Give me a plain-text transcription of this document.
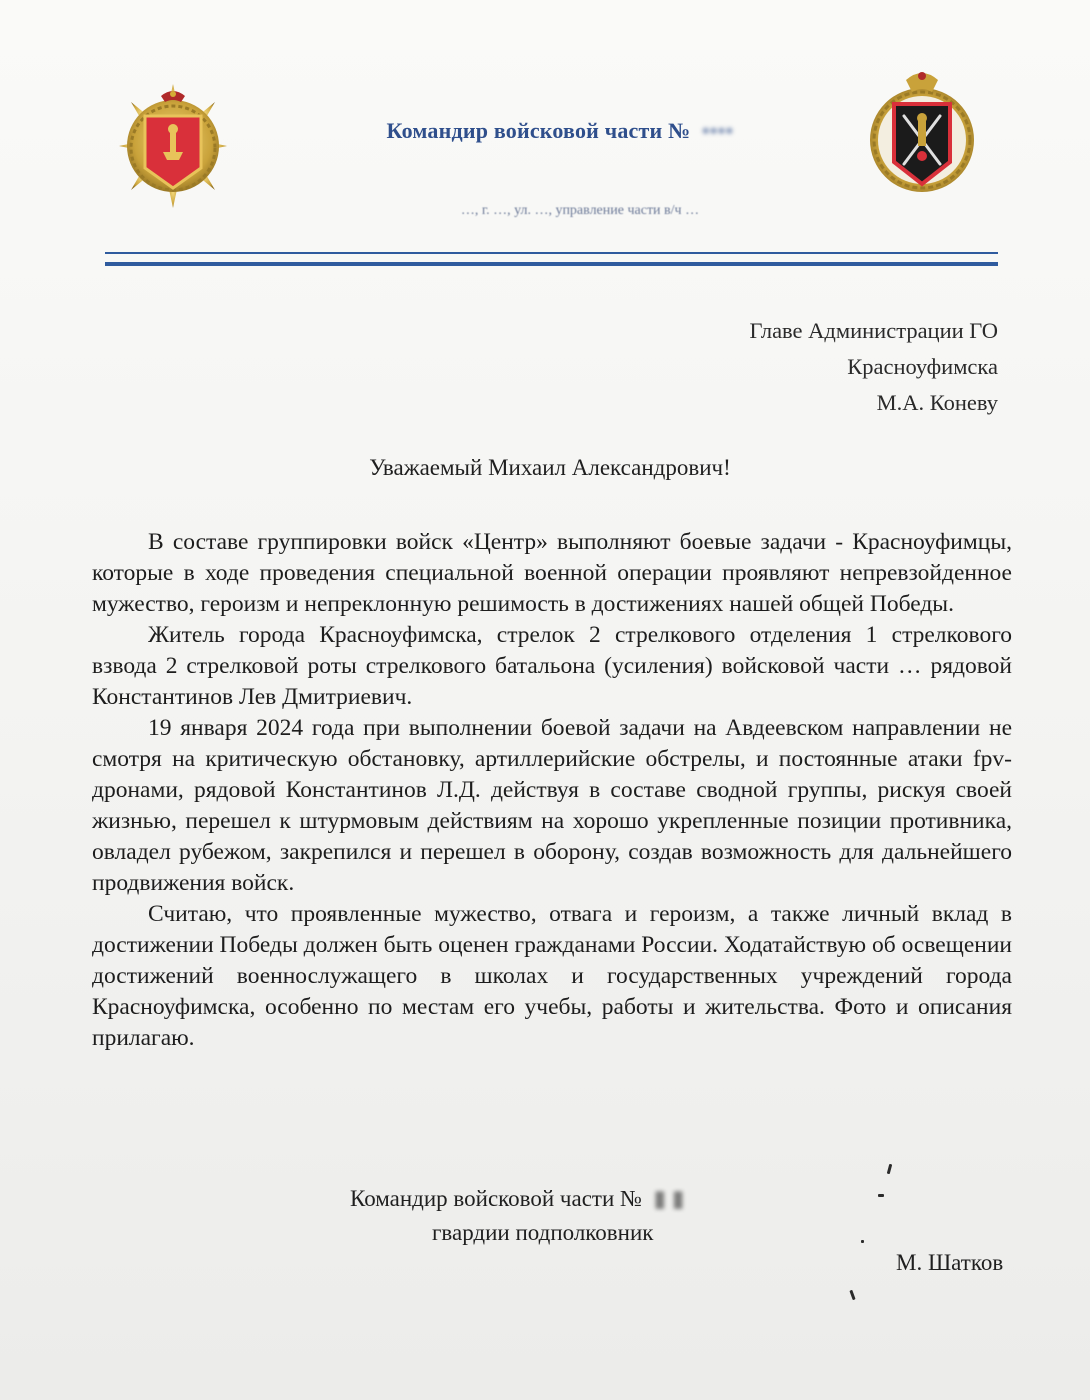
Командир войсковой части №  ••••
…, г. …, ул. …, управление части в/ч …
Главе Администрации ГО
Красноуфимска
М.А. Коневу
Уважаемый Михаил Александрович!

В составе группировки войск «Центр» выполняют боевые задачи - Красноуфимцы, которые в ходе проведения специальной военной операции проявляют непревзойденное мужество, героизм и непреклонную решимость в достижениях нашей общей Победы.

Житель города Красноуфимска, стрелок 2 стрелкового отделения 1 стрелкового взвода 2 стрелковой роты стрелкового батальона (усиления) войсковой части … рядовой Константинов Лев Дмитриевич.

19 января 2024 года при выполнении боевой задачи на Авдеевском направлении не смотря на критическую обстановку, артиллерийские обстрелы, и постоянные атаки fpv-дронами, рядовой Константинов Л.Д. действуя в составе сводной группы, рискуя своей жизнью, перешел к штурмовым действиям на хорошо укрепленные позиции противника, овладел рубежом, закрепился и перешел в оборону, создав возможность для дальнейшего продвижения войск.

Считаю, что проявленные мужество, отвага и героизм, а также личный вклад в достижении Победы должен быть оценен гражданами России. Ходатайствую об освещении достижений военнослужащего в школах и государственных учреждений города Красноуфимска, особенно по местам его учебы, работы и жительства. Фото и описания прилагаю.

Командир войсковой части №  ▮ ▮
гвардии подполковник
М. Шатков
